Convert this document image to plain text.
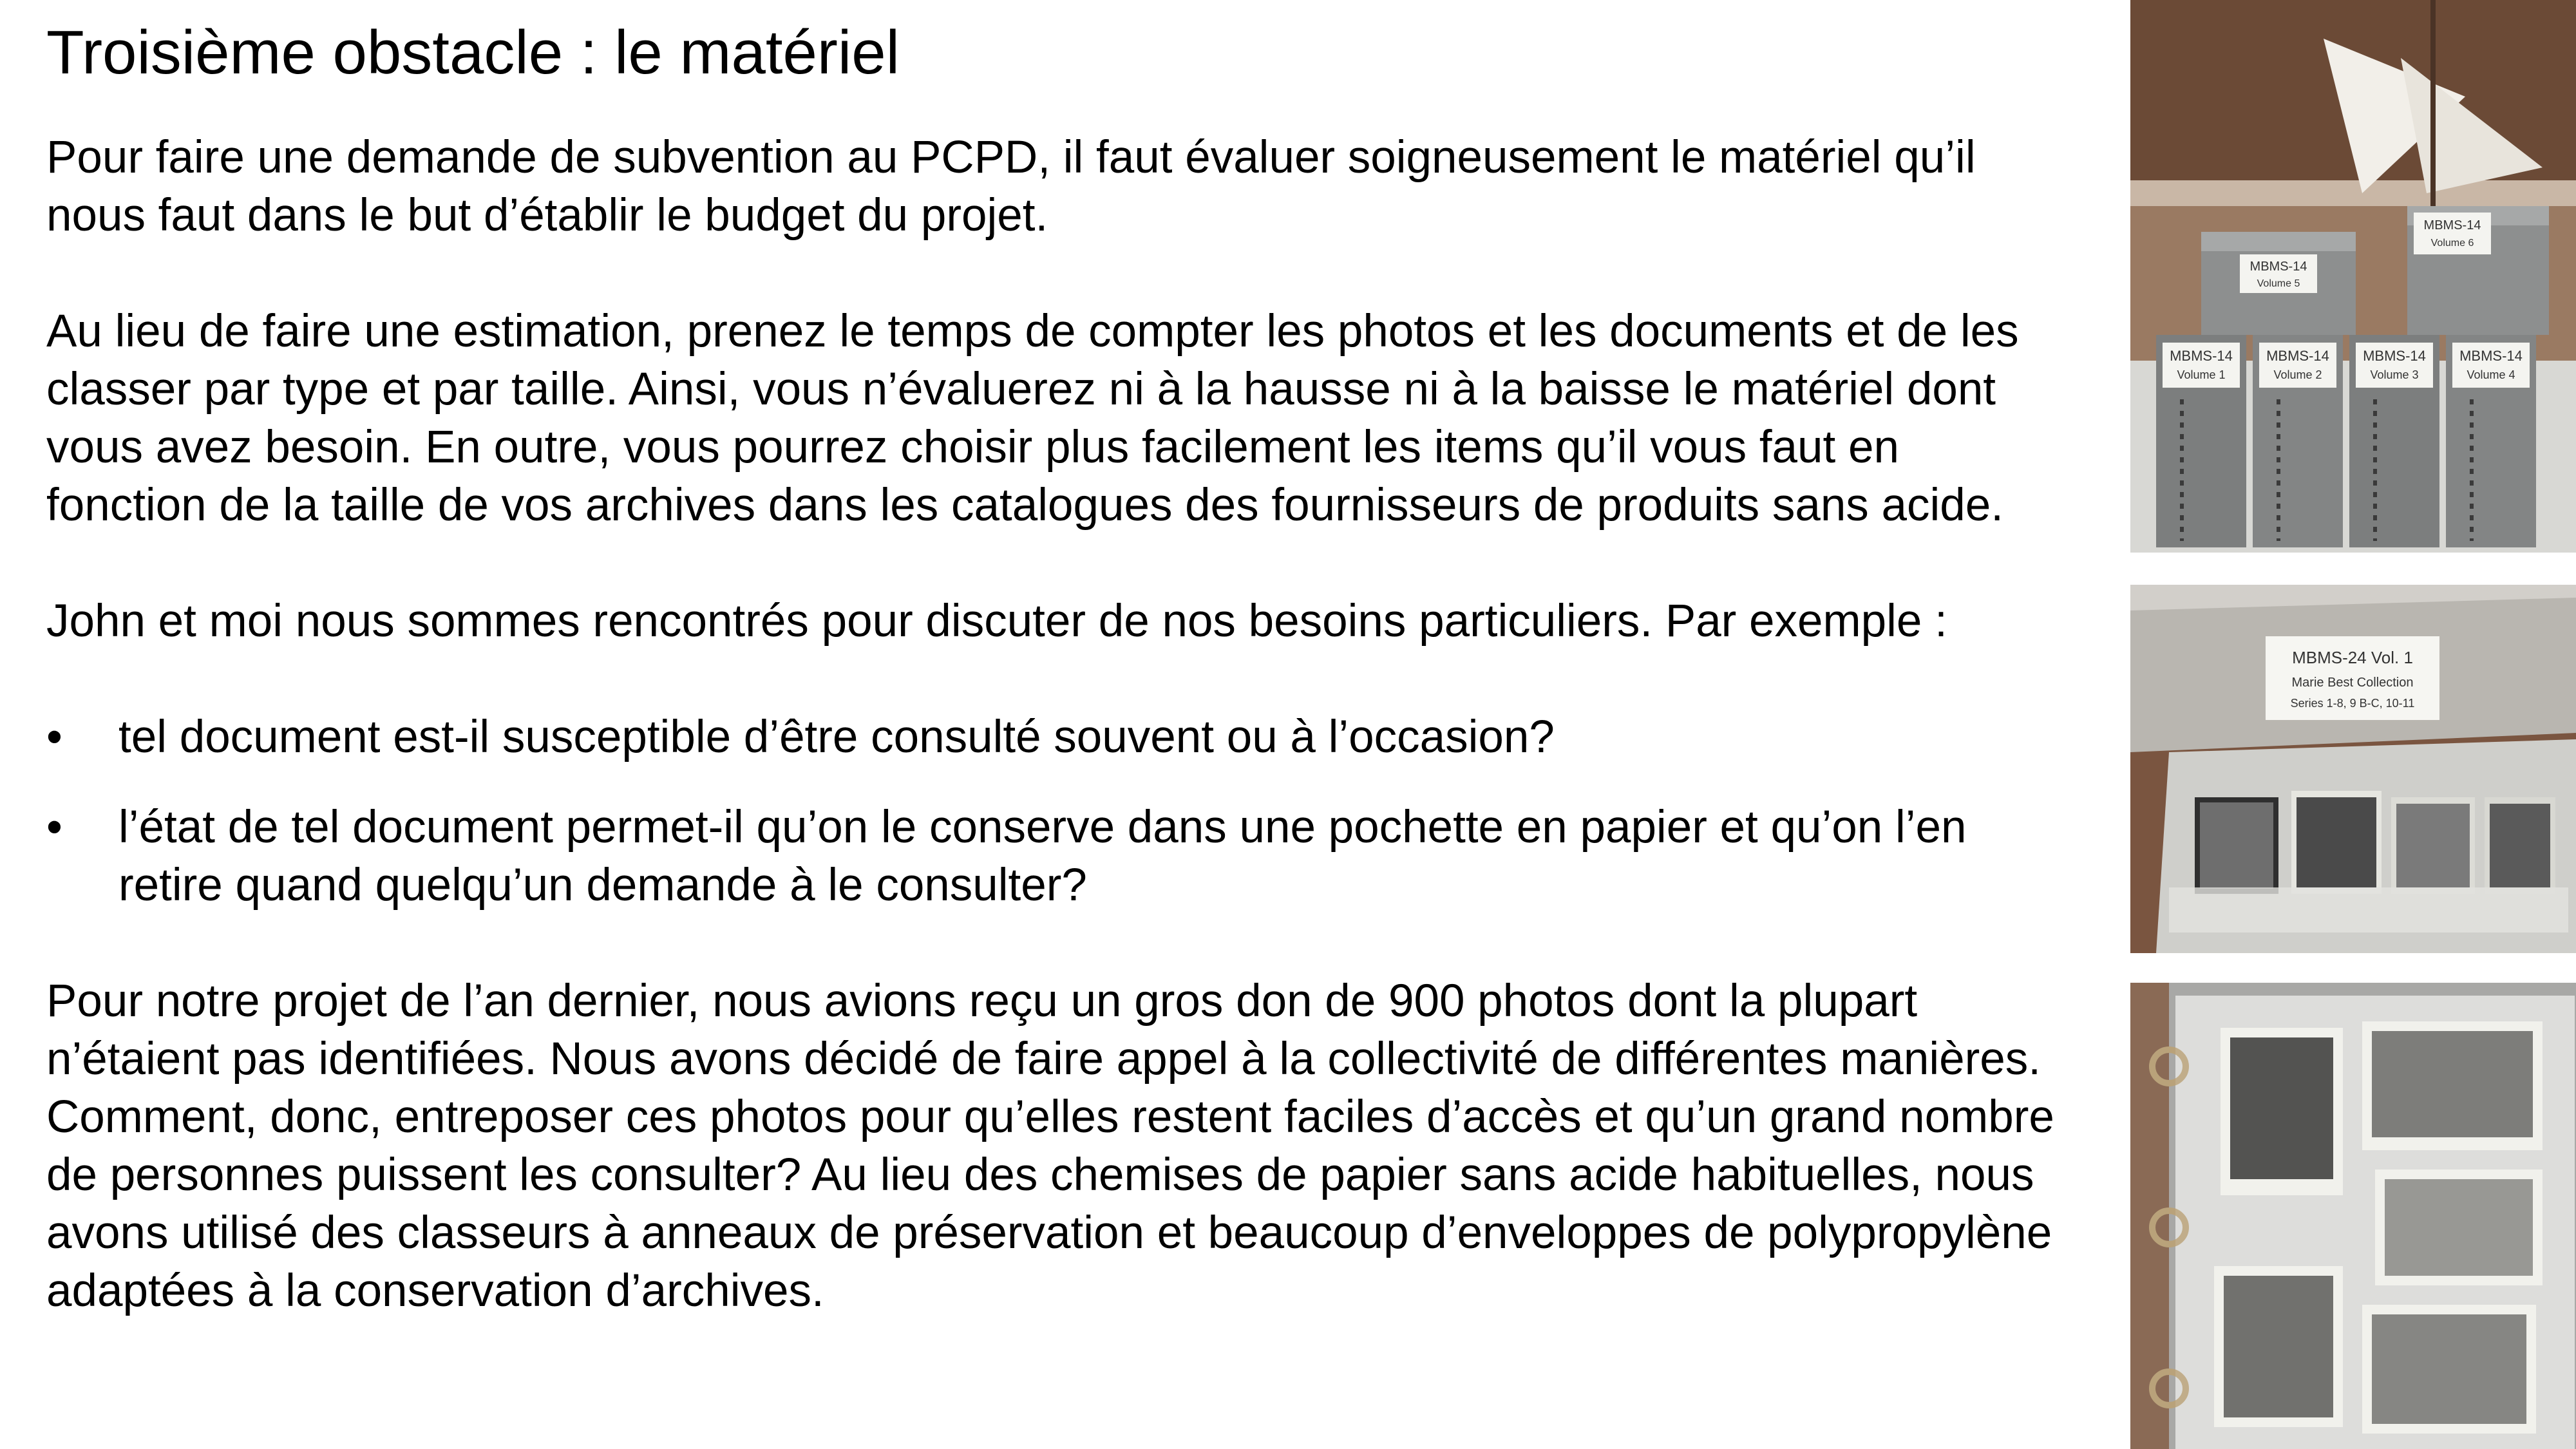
Troisième obstacle : le matériel

Pour faire une demande de subvention au PCPD, il faut évaluer soigneusement le matériel qu’il nous faut dans le but d’établir le budget du projet.

Au lieu de faire une estimation, prenez le temps de compter les photos et les documents et de les classer par type et par taille. Ainsi, vous n’évaluerez ni à la hausse ni à la baisse le matériel dont vous avez besoin. En outre, vous pourrez choisir plus facilement les items qu’il vous faut en fonction de la taille de vos archives dans les catalogues des fournisseurs de produits sans acide.

John et moi nous sommes rencontrés pour discuter de nos besoins particuliers. Par exemple :

• tel document est-il susceptible d’être consulté souvent ou à l’occasion?
• l’état de tel document permet-il qu’on le conserve dans une pochette en papier et qu’on l’en retire quand quelqu’un demande à le consulter?

Pour notre projet de l’an dernier, nous avions reçu un gros don de 900 photos dont la plupart n’étaient pas identifiées. Nous avons décidé de faire appel à la collectivité de différentes manières. Comment, donc, entreposer ces photos pour qu’elles restent faciles d’accès et qu’un grand nombre de personnes puissent les consulter? Au lieu des chemises de papier sans acide habituelles, nous avons utilisé des classeurs à anneaux de préservation et beaucoup d’enveloppes de polypropylène adaptées à la conservation d’archives.

MBMS-14
Volume 1
MBMS-14
Volume 2
MBMS-14
Volume 3
MBMS-14
Volume 4
MBMS-14
Volume 5
MBMS-14
Volume 6
MBMS-24 Vol. 1
Marie Best Collection
Series 1-8, 9 B-C, 10-11
